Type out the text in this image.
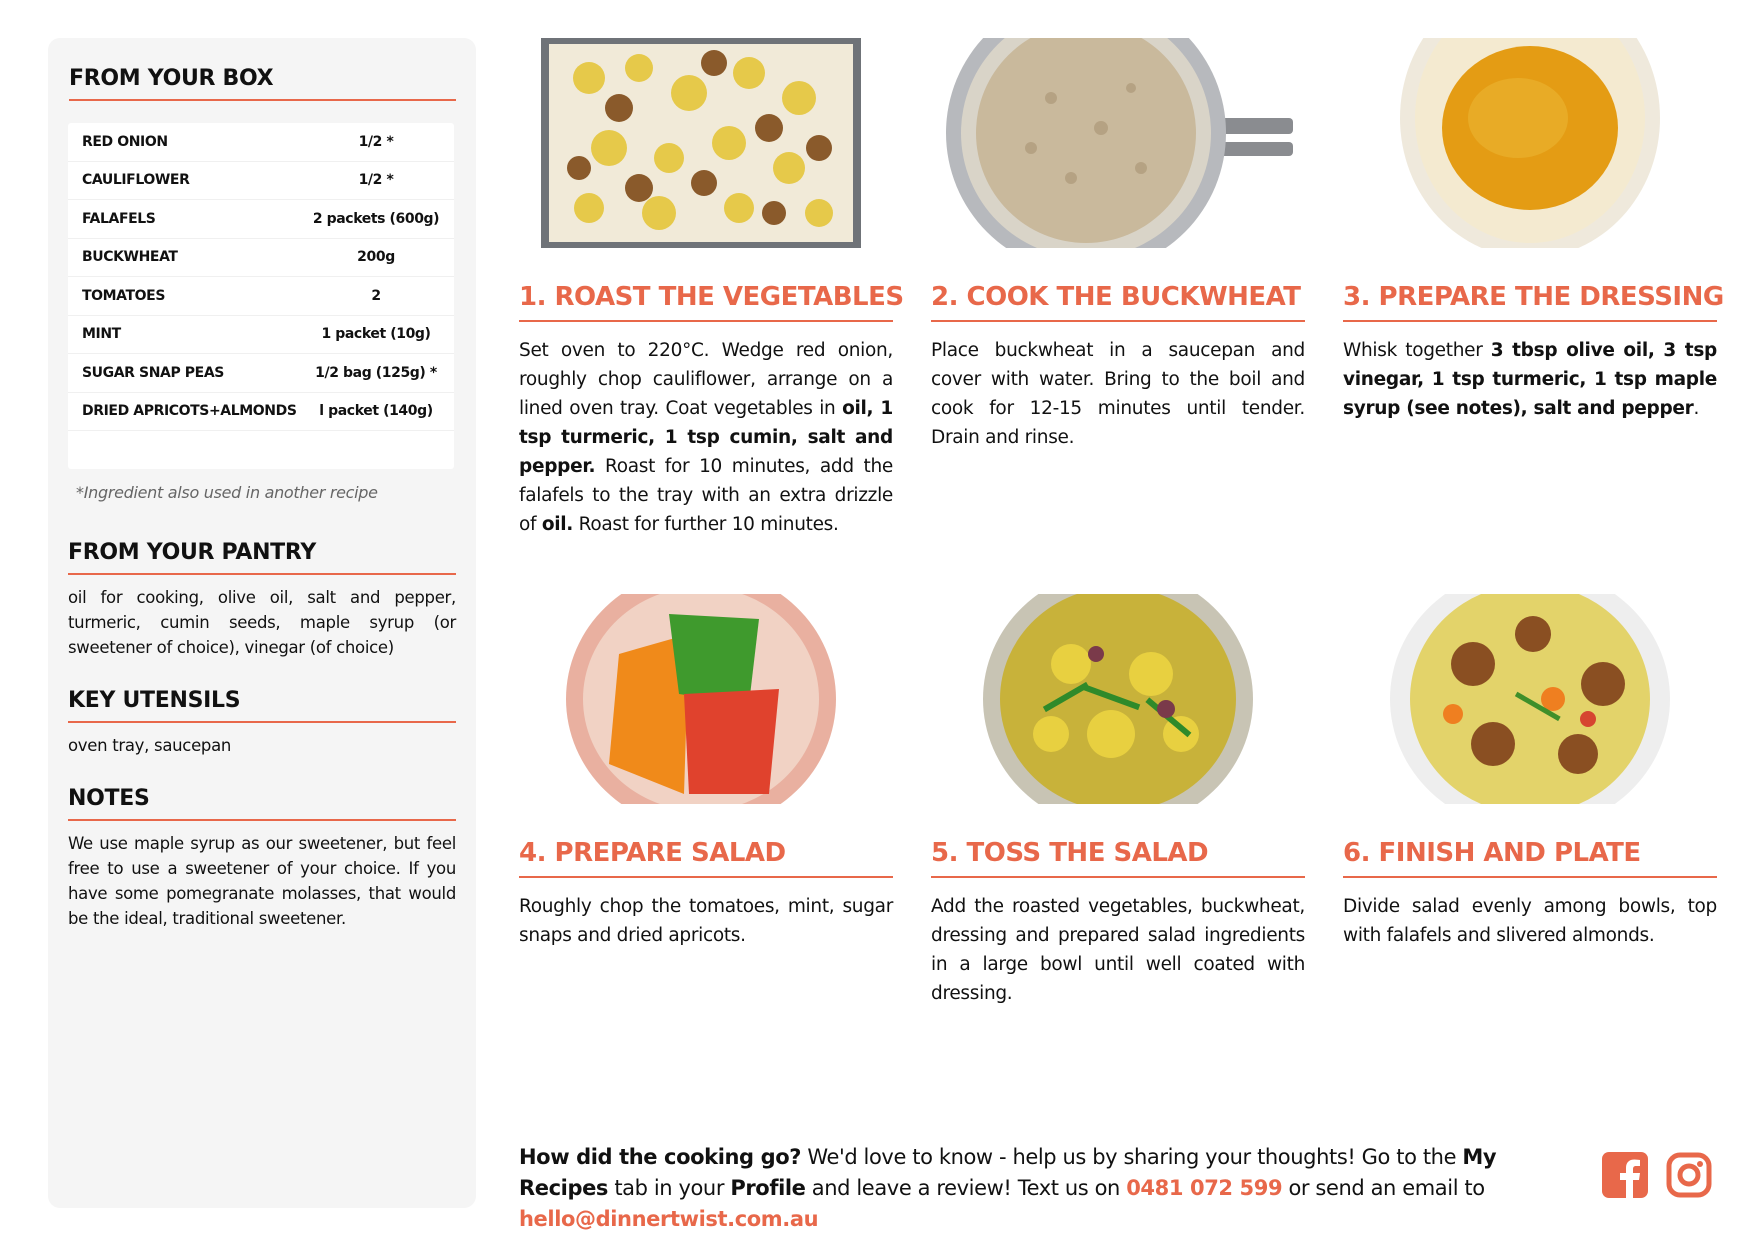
FROM YOUR BOX
RED ONION	1/2 *
CAULIFLOWER	1/2 *
FALAFELS	2 packets (600g)
BUCKWHEAT	200g
TOMATOES	2
MINT	1 packet (10g)
SUGAR SNAP PEAS	1/2 bag (125g) *
DRIED APRICOTS+ALMONDS	l packet (140g)
*Ingredient also used in another recipe
FROM YOUR PANTRY
oil for cooking, olive oil, salt and pepper, turmeric, cumin seeds, maple syrup (or sweetener of choice), vinegar (of choice)
KEY UTENSILS
oven tray, saucepan
NOTES
We use maple syrup as our sweetener, but feel free to use a sweetener of your choice. If you have some pomegranate molasses, that would be the ideal, traditional sweetener.
1. ROAST THE VEGETABLES
Set oven to 220°C. Wedge red onion, roughly chop cauliflower, arrange on a lined oven tray. Coat vegetables in oil, 1 tsp turmeric, 1 tsp cumin, salt and pepper. Roast for 10 minutes, add the falafels to the tray with an extra drizzle of oil. Roast for further 10 minutes.
2. COOK THE BUCKWHEAT
Place buckwheat in a saucepan and cover with water. Bring to the boil and cook for 12-15 minutes until tender. Drain and rinse.
3. PREPARE THE DRESSING
Whisk together 3 tbsp olive oil, 3 tsp vinegar, 1 tsp turmeric, 1 tsp maple syrup (see notes), salt and pepper.
4. PREPARE SALAD
Roughly chop the tomatoes, mint, sugar snaps and dried apricots.
5. TOSS THE SALAD
Add the roasted vegetables, buckwheat, dressing and prepared salad ingredients in a large bowl until well coated with dressing.
6. FINISH AND PLATE
Divide salad evenly among bowls, top with falafels and slivered almonds.
How did the cooking go? We'd love to know - help us by sharing your thoughts! Go to the My Recipes tab in your Profile and leave a review! Text us on 0481 072 599 or send an email to hello@dinnertwist.com.au
